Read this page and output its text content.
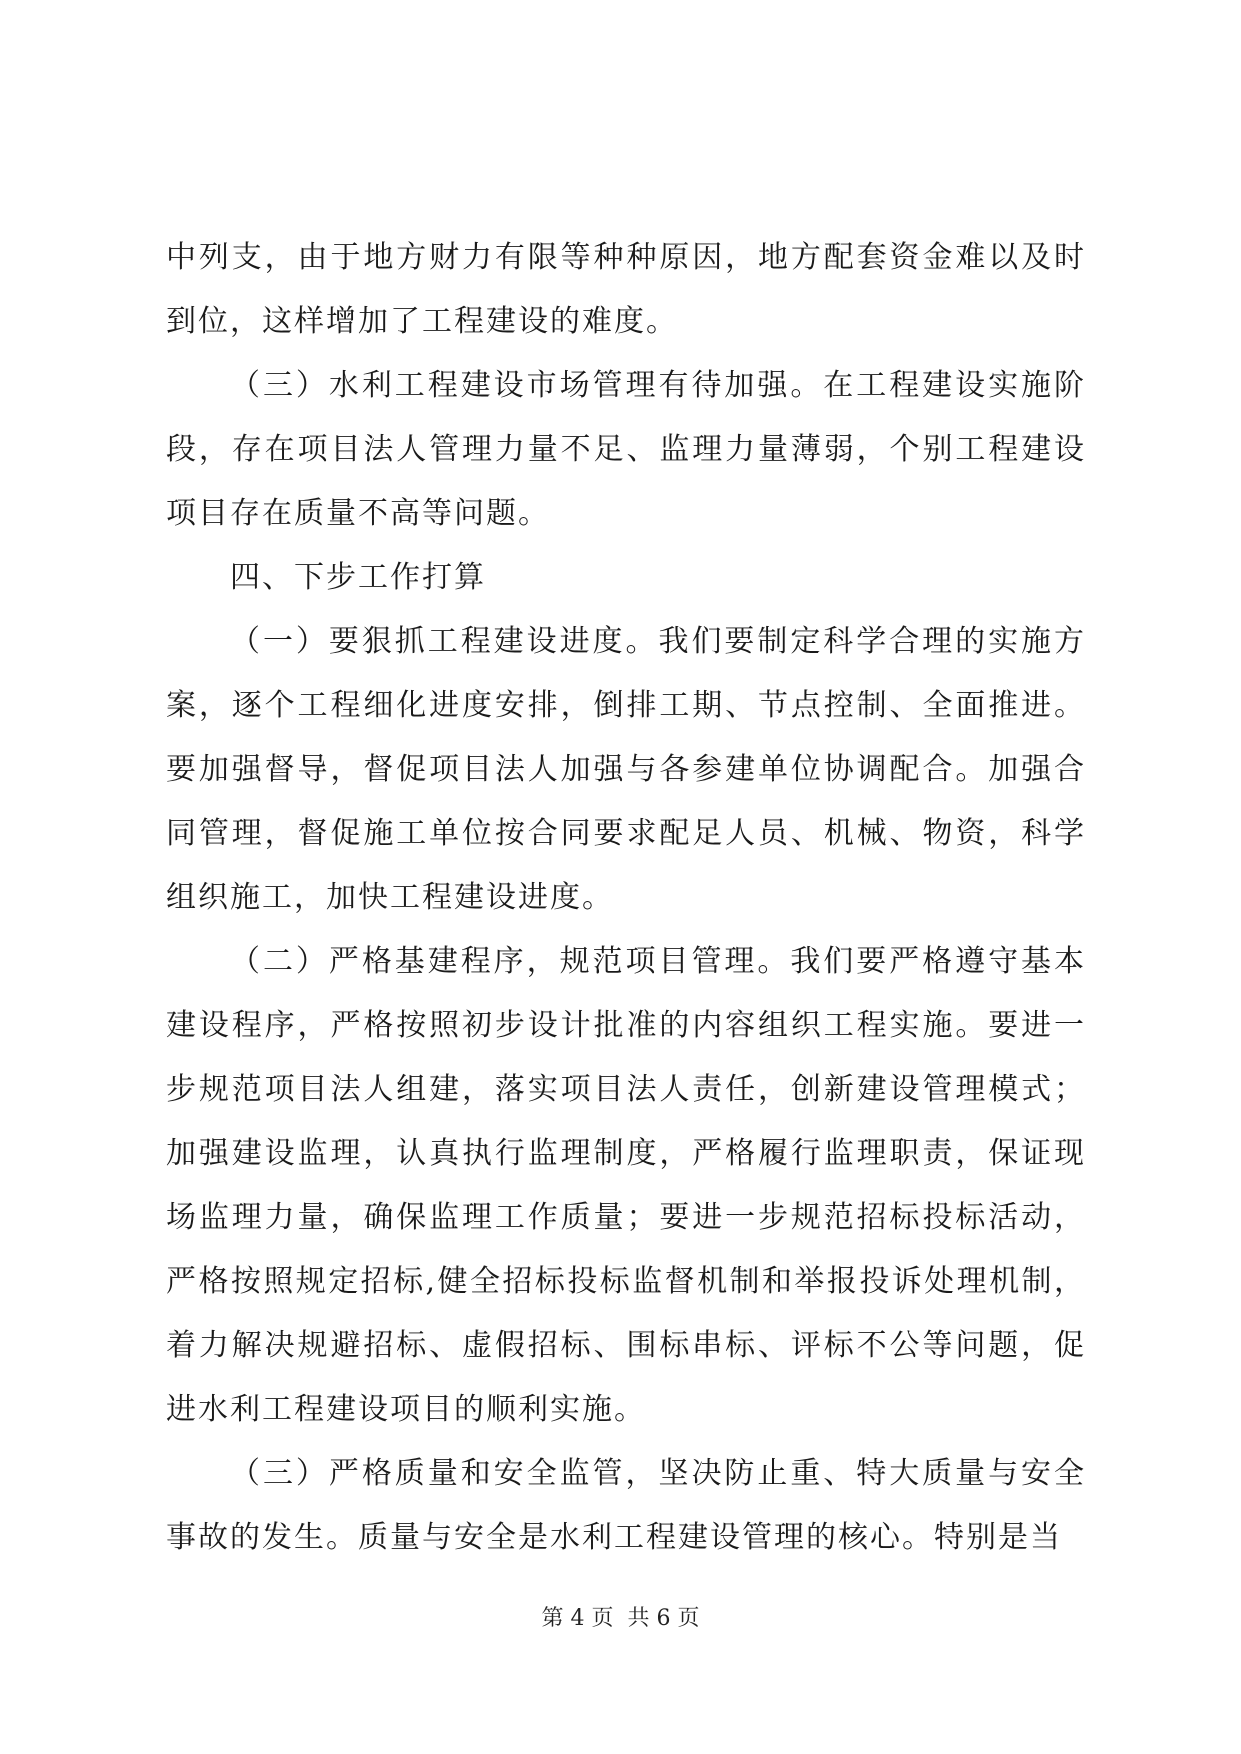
中列支，由于地方财力有限等种种原因，地方配套资金难以及时到位，这样增加了工程建设的难度。

（三）水利工程建设市场管理有待加强。在工程建设实施阶段，存在项目法人管理力量不足、监理力量薄弱，个别工程建设项目存在质量不高等问题。

四、下步工作打算

（一）要狠抓工程建设进度。我们要制定科学合理的实施方案，逐个工程细化进度安排，倒排工期、节点控制、全面推进。要加强督导，督促项目法人加强与各参建单位协调配合。加强合同管理，督促施工单位按合同要求配足人员、机械、物资，科学组织施工，加快工程建设进度。

（二）严格基建程序，规范项目管理。我们要严格遵守基本建设程序，严格按照初步设计批准的内容组织工程实施。要进一步规范项目法人组建，落实项目法人责任，创新建设管理模式；加强建设监理，认真执行监理制度，严格履行监理职责，保证现场监理力量，确保监理工作质量；要进一步规范招标投标活动，严格按照规定招标,健全招标投标监督机制和举报投诉处理机制，着力解决规避招标、虚假招标、围标串标、评标不公等问题，促进水利工程建设项目的顺利实施。

（三）严格质量和安全监管，坚决防止重、特大质量与安全事故的发生。质量与安全是水利工程建设管理的核心。特别是当

第 4 页 共 6 页
